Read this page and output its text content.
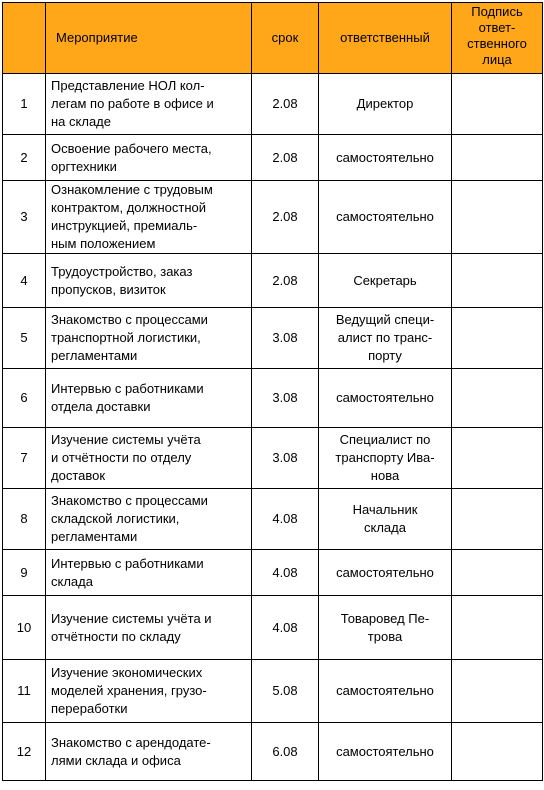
	Мероприятие	срок	ответственный	Подпись
ответ-
ственного
лица

1	Представление НОЛ кол-
легам по работе в офисе и
на складе	2.08	Директор	

2	Освоение рабочего места,
оргтехники	2.08	самостоятельно	

3	Ознакомление с трудовым
контрактом, должностной
инструкцией, премиаль-
ным положением	2.08	самостоятельно	

4	Трудоустройство, заказ
пропусков, визиток	2.08	Секретарь	

5	Знакомство с процессами
транспортной логистики,
регламентами	3.08	Ведущий специ-
алист по транс-
порту	

6	Интервью с работниками
отдела доставки	3.08	самостоятельно	

7	Изучение системы учёта
и отчётности по отделу
доставок	3.08	Специалист по
транспорту Ива-
нова	

8	Знакомство с процессами
складской логистики,
регламентами	4.08	Начальник
склада	

9	Интервью с работниками
склада	4.08	самостоятельно	

10	Изучение системы учёта и
отчётности по складу	4.08	Товаровед Пе-
трова	

11	Изучение экономических
моделей хранения, грузо-
переработки	5.08	самостоятельно	

12	Знакомство с арендодате-
лями склада и офиса	6.08	самостоятельно	
